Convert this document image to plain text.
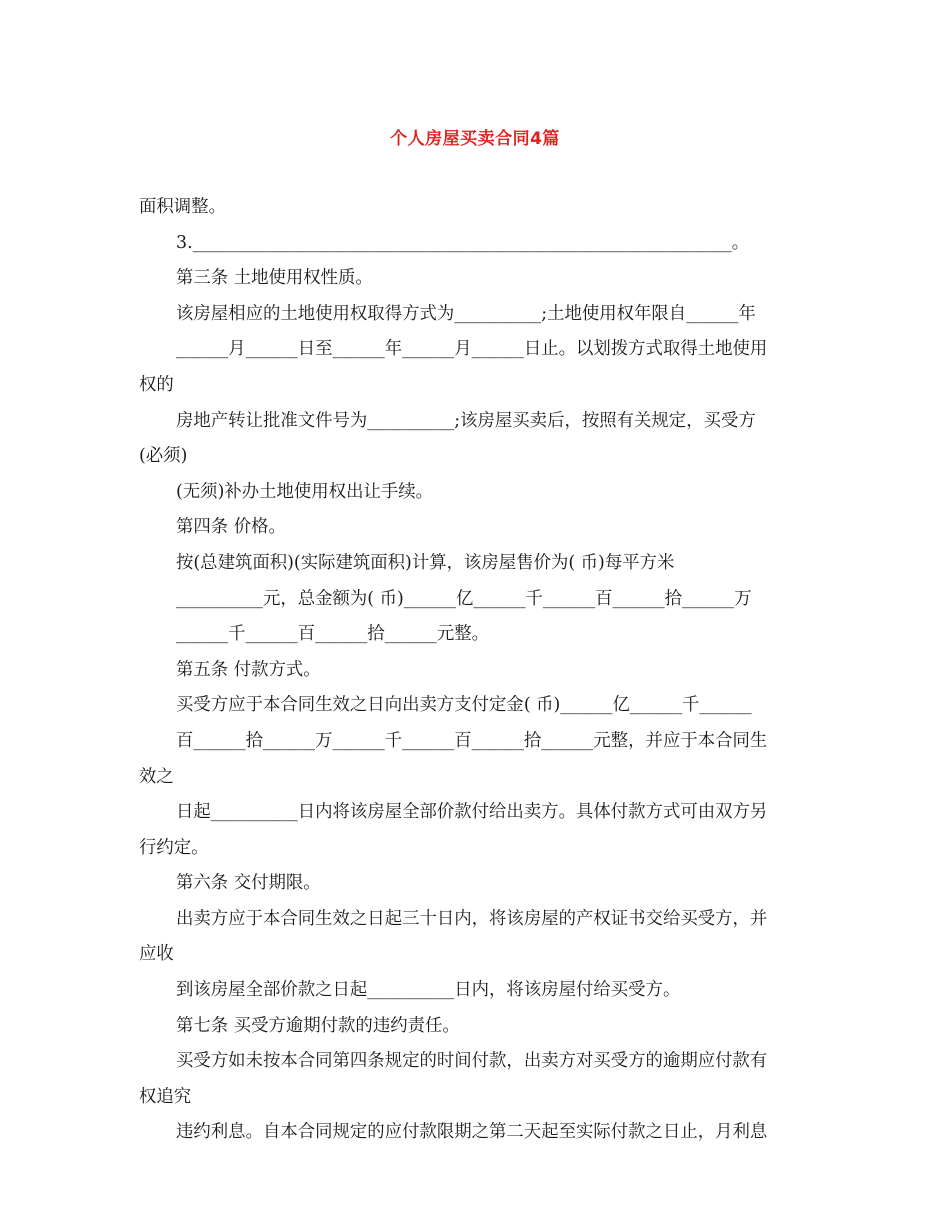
个人房屋买卖合同4篇
面积调整。
3.______________________________________________________________。
第三条 土地使用权性质。
该房屋相应的土地使用权取得方式为__________;土地使用权年限自______年
______月______日至______年______月______日止。以划拨方式取得土地使用
权的
房地产转让批准文件号为__________;该房屋买卖后，按照有关规定，买受方
(必须)
(无须)补办土地使用权出让手续。
第四条 价格。
按(总建筑面积)(实际建筑面积)计算，该房屋售价为( 币)每平方米
__________元，总金额为( 币)______亿______千______百______拾______万
______千______百______拾______元整。
第五条 付款方式。
买受方应于本合同生效之日向出卖方支付定金( 币)______亿______千______
百______拾______万______千______百______拾______元整，并应于本合同生
效之
日起__________日内将该房屋全部价款付给出卖方。具体付款方式可由双方另
行约定。
第六条 交付期限。
出卖方应于本合同生效之日起三十日内，将该房屋的产权证书交给买受方，并
应收
到该房屋全部价款之日起__________日内，将该房屋付给买受方。
第七条 买受方逾期付款的违约责任。
买受方如未按本合同第四条规定的时间付款，出卖方对买受方的逾期应付款有
权追究
违约利息。自本合同规定的应付款限期之第二天起至实际付款之日止，月利息
